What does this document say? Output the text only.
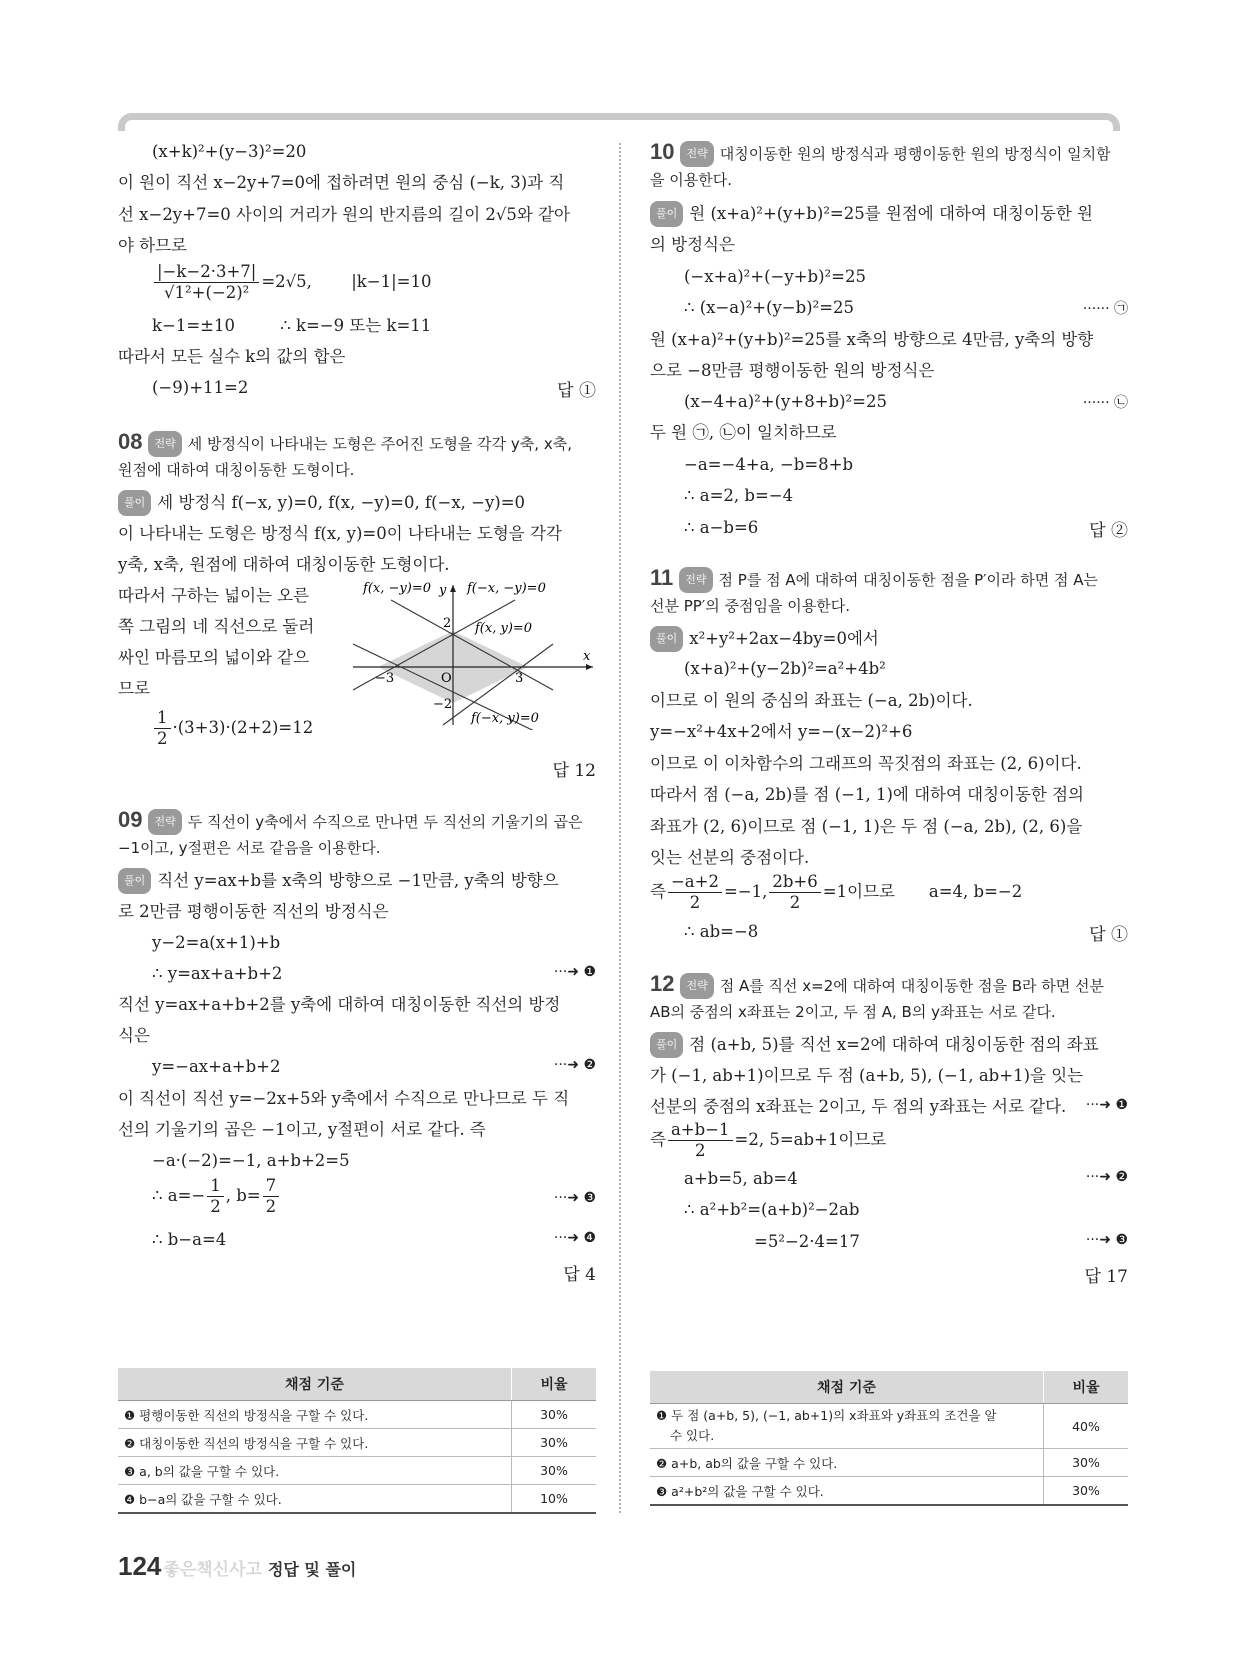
(x+k)²+(y−3)²=20
이 원이 직선 x−2y+7=0에 접하려면 원의 중심 (−k, 3)과 직
선 x−2y+7=0 사이의 거리가 원의 반지름의 길이 2√5와 같아
야 하므로
$\frac{|-k-2\cdot 3+7|}{\text{√1²+(−2)²}} =2√5$, |k−1|=10
k−1=±10	∴ k=−9 또는 k=11
따라서 모든 실수 k의 값의 합은
(−9)+11=2	답 ①
08 전략 세 방정식이 나타내는 도형은 주어진 도형을 각각 y축, x축,
원점에 대하여 대칭이동한 도형이다.
풀이 세 방정식 f(−x, y)=0, f(x, −y)=0, f(−x, −y)=0
이 나타내는 도형은 방정식 f(x, y)=0이 나타내는 도형을 각각
y축, x축, 원점에 대하여 대칭이동한 도형이다.
따라서 구하는 넓이는 오른
쪽 그림의 네 직선으로 둘러
싸인 마름모의 넓이와 같으
므로
$\frac{1}{2} \cdot(3+3)\cdot(2+2)=12$
답 12
f(x, −y)=0	f(−x, −y)=0
f(x, y)=0
f(−x, y)=0
x
y
O
−3	3
2
−2
09 전략 두 직선이 y축에서 수직으로 만나면 두 직선의 기울기의 곱은
−1이고, y절편은 서로 같음을 이용한다.
풀이 직선 y=ax+b를 x축의 방향으로 −1만큼, y축의 방향으
로 2만큼 평행이동한 직선의 방정식은
y−2=a(x+1)+b
∴ y=ax+a+b+2	···➜ ❶
직선 y=ax+a+b+2를 y축에 대하여 대칭이동한 직선의 방정
식은
y=−ax+a+b+2	···➜ ❷
이 직선이 직선 y=−2x+5와 y축에서 수직으로 만나므로 두 직
선의 기울기의 곱은 −1이고, y절편이 서로 같다. 즉
−a·(−2)=−1, a+b+2=5
∴ $a=- \frac{1}{2}$ , $b= \frac{7}{2}$	···➜ ❸
∴ b−a=4	···➜ ❹
답 4
채점 기준	비율
❶ 평행이동한 직선의 방정식을 구할 수 있다.	30%
❷ 대칭이동한 직선의 방정식을 구할 수 있다.	30%
❸ a, b의 값을 구할 수 있다.	30%
❹ b−a의 값을 구할 수 있다.	10%
10 전략 대칭이동한 원의 방정식과 평행이동한 원의 방정식이 일치함
을 이용한다.
풀이 원 (x+a)²+(y+b)²=25를 원점에 대하여 대칭이동한 원
의 방정식은
(−x+a)²+(−y+b)²=25
∴ (x−a)²+(y−b)²=25	······ ㉠
원 (x+a)²+(y+b)²=25를 x축의 방향으로 4만큼, y축의 방향
으로 −8만큼 평행이동한 원의 방정식은
(x−4+a)²+(y+8+b)²=25	······ ㉡
두 원 ㉠, ㉡이 일치하므로
−a=−4+a, −b=8+b
∴ a=2, b=−4
∴ a−b=6	답 ②
11 전략 점 P를 점 A에 대하여 대칭이동한 점을 P′이라 하면 점 A는
선분 PP′의 중점임을 이용한다.
풀이 x²+y²+2ax−4by=0에서
(x+a)²+(y−2b)²=a²+4b²
이므로 이 원의 중심의 좌표는 (−a, 2b)이다.
y=−x²+4x+2에서 y=−(x−2)²+6
이므로 이 이차함수의 그래프의 꼭짓점의 좌표는 (2, 6)이다.
따라서 점 (−a, 2b)를 점 (−1, 1)에 대하여 대칭이동한 점의
좌표가 (2, 6)이므로 점 (−1, 1)은 두 점 (−a, 2b), (2, 6)을
잇는 선분의 중점이다.
즉 $\frac{-a+2}{2} =-1$, $\frac{2b+6}{2} =1$이므로 a=4, b=−2
∴ ab=−8	답 ①
12 전략 점 A를 직선 x=2에 대하여 대칭이동한 점을 B라 하면 선분
AB의 중점의 x좌표는 2이고, 두 점 A, B의 y좌표는 서로 같다.
풀이 점 (a+b, 5)를 직선 x=2에 대하여 대칭이동한 점의 좌표
가 (−1, ab+1)이므로 두 점 (a+b, 5), (−1, ab+1)을 잇는
선분의 중점의 x좌표는 2이고, 두 점의 y좌표는 서로 같다. ···➜ ❶
즉 $\frac{a+b-1}{2} =2$, 5=ab+1이므로
a+b=5, ab=4	···➜ ❷
∴ a²+b²=(a+b)²−2ab
=5²−2·4=17	···➜ ❸
답 17
채점 기준	비율
❶ 두 점 (a+b, 5), (−1, ab+1)의 x좌표와 y좌표의 조건을 알
수 있다.	40%
❷ a+b, ab의 값을 구할 수 있다.	30%
❸ a²+b²의 값을 구할 수 있다.	30%
124 좋은책신사고 정답 및 풀이
